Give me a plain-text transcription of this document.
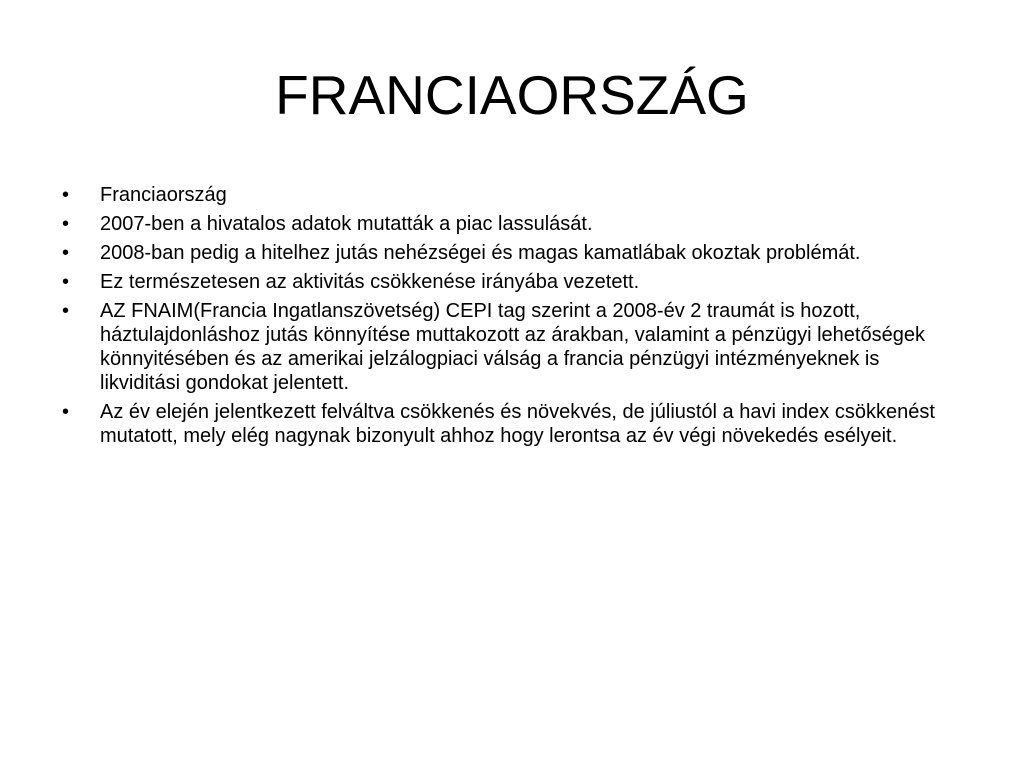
FRANCIAORSZÁG
•	Franciaország
•	2007-ben a hivatalos adatok mutatták a piac lassulását.
•	2008-ban pedig a hitelhez jutás nehézségei és magas kamatlábak okoztak problémát.
•	Ez természetesen az aktivitás csökkenése irányába vezetett.
•	AZ FNAIM(Francia Ingatlanszövetség) CEPI tag szerint a 2008-év 2 traumát is hozott, háztulajdonláshoz jutás könnyítése muttakozott az árakban, valamint a pénzügyi lehetőségek könnyitésében és az amerikai jelzálogpiaci válság a francia pénzügyi intézményeknek is likviditási gondokat jelentett.
•	Az év elején jelentkezett felváltva csökkenés és növekvés, de júliustól a havi index csökkenést mutatott, mely elég nagynak bizonyult ahhoz hogy lerontsa az év végi növekedés esélyeit.
